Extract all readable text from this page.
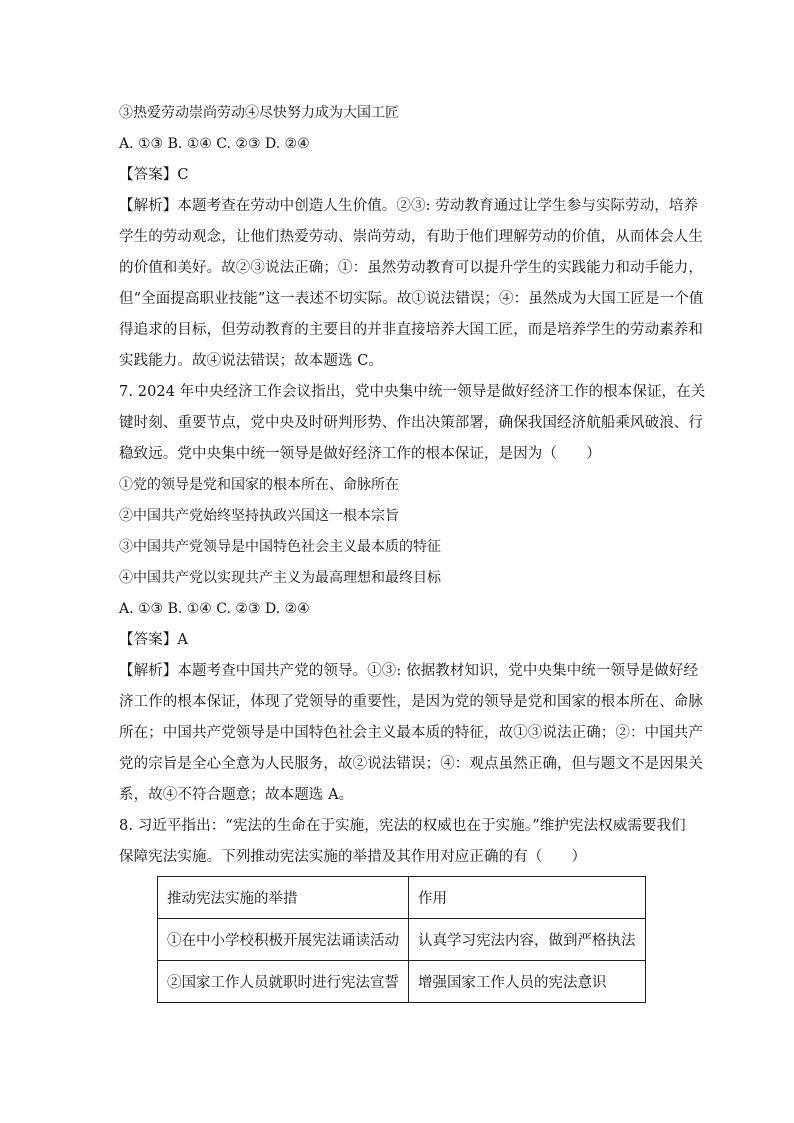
③热爱劳动崇尚劳动④尽快努力成为大国工匠
A. ①③ B. ①④ C. ②③ D. ②④
【答案】C
【解析】本题考查在劳动中创造人生价值。②③: 劳动教育通过让学生参与实际劳动，培养
学生的劳动观念，让他们热爱劳动、崇尚劳动，有助于他们理解劳动的价值，从而体会人生
的价值和美好。故②③说法正确；①：虽然劳动教育可以提升学生的实践能力和动手能力，
但“全面提高职业技能”这一表述不切实际。故①说法错误；④：虽然成为大国工匠是一个值
得追求的目标，但劳动教育的主要目的并非直接培养大国工匠，而是培养学生的劳动素养和
实践能力。故④说法错误；故本题选 C。
7. 2024 年中央经济工作会议指出，党中央集中统一领导是做好经济工作的根本保证，在关
键时刻、重要节点，党中央及时研判形势、作出决策部署，确保我国经济航船乘风破浪、行
稳致远。党中央集中统一领导是做好经济工作的根本保证，是因为（　　）
①党的领导是党和国家的根本所在、命脉所在
②中国共产党始终坚持执政兴国这一根本宗旨
③中国共产党领导是中国特色社会主义最本质的特征
④中国共产党以实现共产主义为最高理想和最终目标
A. ①③ B. ①④ C. ②③ D. ②④
【答案】A
【解析】本题考查中国共产党的领导。①③: 依据教材知识，党中央集中统一领导是做好经
济工作的根本保证，体现了党领导的重要性，是因为党的领导是党和国家的根本所在、命脉
所在；中国共产党领导是中国特色社会主义最本质的特征，故①③说法正确；②：中国共产
党的宗旨是全心全意为人民服务，故②说法错误；④：观点虽然正确，但与题文不是因果关
系，故④不符合题意；故本题选 A。
8. 习近平指出：“宪法的生命在于实施，宪法的权威也在于实施。”维护宪法权威需要我们
保障宪法实施。下列推动宪法实施的举措及其作用对应正确的有（　　）
推动宪法实施的举措	作用
①在中小学校积极开展宪法诵读活动	认真学习宪法内容，做到严格执法
②国家工作人员就职时进行宪法宣誓	增强国家工作人员的宪法意识
